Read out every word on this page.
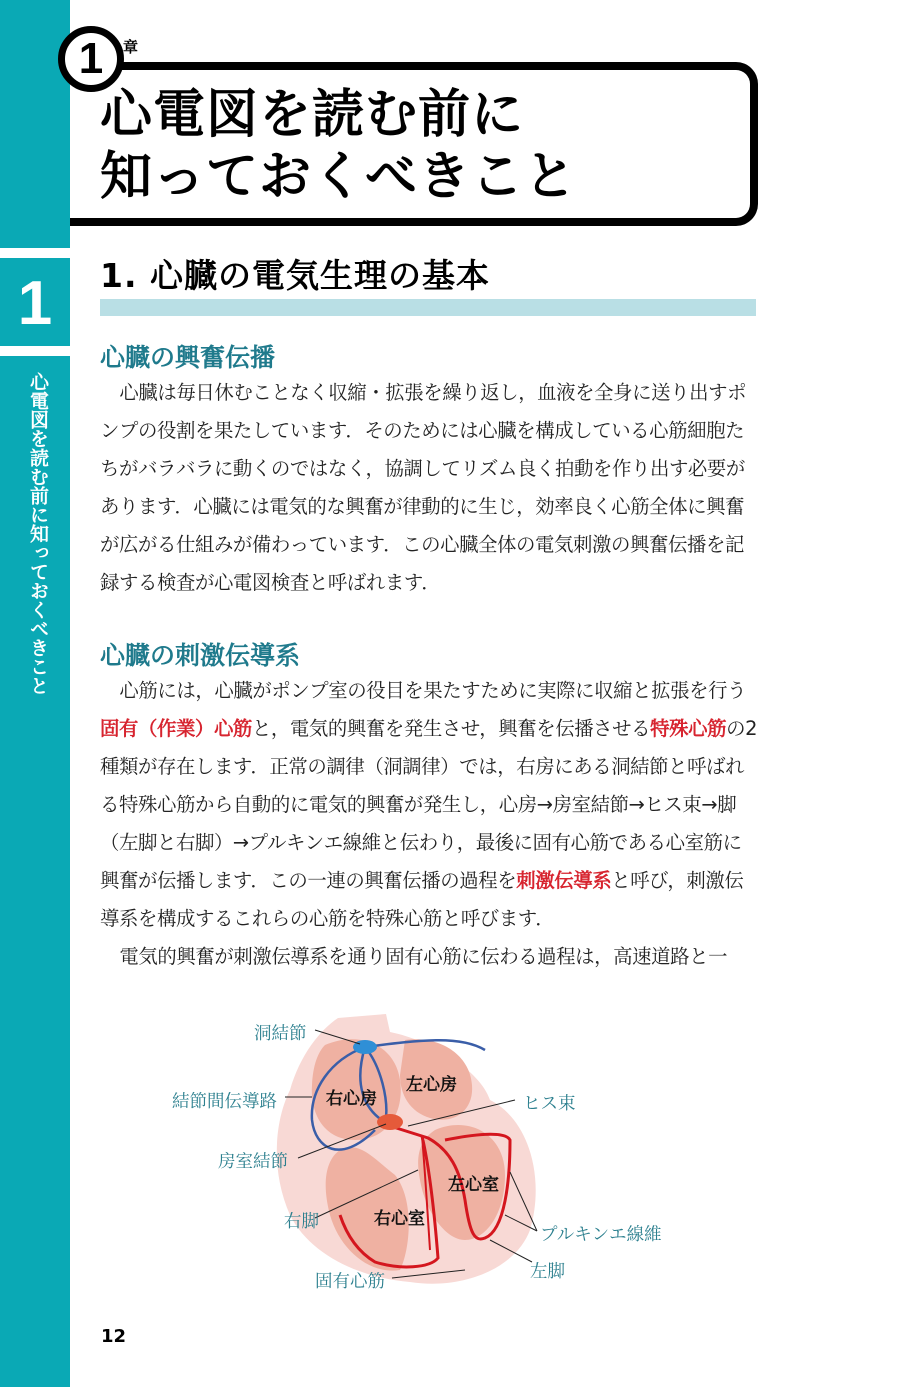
1
心電図を読む前に知っておくべきこと
1	章
心電図を読む前に
知っておくべきこと
1. 心臓の電気生理の基本
心臓の興奮伝播

心臓は毎日休むことなく収縮・拡張を繰り返し，血液を全身に送り出すポンプの役割を果たしています．そのためには心臓を構成している心筋細胞たちがバラバラに動くのではなく，協調してリズム良く拍動を作り出す必要があります．心臓には電気的な興奮が律動的に生じ，効率良く心筋全体に興奮が広がる仕組みが備わっています．この心臓全体の電気刺激の興奮伝播を記録する検査が心電図検査と呼ばれます．

心臓の刺激伝導系

心筋には，心臓がポンプ室の役目を果たすために実際に収縮と拡張を行う固有（作業）心筋と，電気的興奮を発生させ，興奮を伝播させる特殊心筋の2種類が存在します．正常の調律（洞調律）では，右房にある洞結節と呼ばれる特殊心筋から自動的に電気的興奮が発生し，心房→房室結節→ヒス束→脚（左脚と右脚）→プルキンエ線維と伝わり，最後に固有心筋である心室筋に興奮が伝播します．この一連の興奮伝播の過程を刺激伝導系と呼び，刺激伝導系を構成するこれらの心筋を特殊心筋と呼びます．

電気的興奮が刺激伝導系を通り固有心筋に伝わる過程は，高速道路と一

洞結節
結節間伝導路
房室結節
右脚
固有心筋
ヒス束
プルキンエ線維
左脚
右心房
左心房
左心室
右心室
12
